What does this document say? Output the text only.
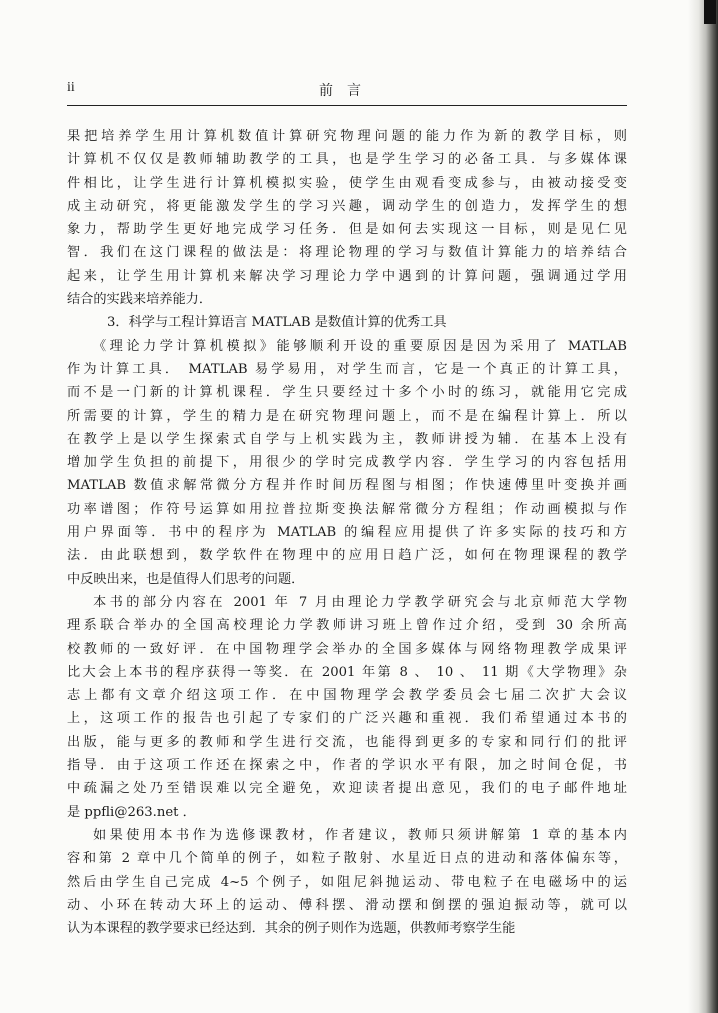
ii	前言
果把培养学生用计算机数值计算研究物理问题的能力作为新的教学目标，则
计算机不仅仅是教师辅助教学的工具，也是学生学习的必备工具．与多媒体课
件相比，让学生进行计算机模拟实验，使学生由观看变成参与，由被动接受变
成主动研究，将更能激发学生的学习兴趣，调动学生的创造力，发挥学生的想
象力，帮助学生更好地完成学习任务．但是如何去实现这一目标，则是见仁见
智．我们在这门课程的做法是：将理论物理的学习与数值计算能力的培养结合
起来，让学生用计算机来解决学习理论力学中遇到的计算问题，强调通过学用
结合的实践来培养能力．
3．科学与工程计算语言 MATLAB 是数值计算的优秀工具
《理论力学计算机模拟》能够顺利开设的重要原因是因为采用了 MATLAB
作为计算工具． MATLAB 易学易用，对学生而言，它是一个真正的计算工具，
而不是一门新的计算机课程．学生只要经过十多个小时的练习，就能用它完成
所需要的计算，学生的精力是在研究物理问题上，而不是在编程计算上．所以
在教学上是以学生探索式自学与上机实践为主，教师讲授为辅．在基本上没有
增加学生负担的前提下，用很少的学时完成教学内容．学生学习的内容包括用
MATLAB 数值求解常微分方程并作时间历程图与相图；作快速傅里叶变换并画
功率谱图；作符号运算如用拉普拉斯变换法解常微分方程组；作动画模拟与作
用户界面等．书中的程序为 MATLAB 的编程应用提供了许多实际的技巧和方
法．由此联想到，数学软件在物理中的应用日趋广泛，如何在物理课程的教学
中反映出来，也是值得人们思考的问题．
本书的部分内容在 2001 年 7 月由理论力学教学研究会与北京师范大学物
理系联合举办的全国高校理论力学教师讲习班上曾作过介绍，受到 30 余所高
校教师的一致好评．在中国物理学会举办的全国多媒体与网络物理教学成果评
比大会上本书的程序获得一等奖．在 2001 年第 8 、 10 、 11 期《大学物理》杂
志上都有文章介绍这项工作．在中国物理学会教学委员会七届二次扩大会议
上，这项工作的报告也引起了专家们的广泛兴趣和重视．我们希望通过本书的
出版，能与更多的教师和学生进行交流，也能得到更多的专家和同行们的批评
指导．由于这项工作还在探索之中，作者的学识水平有限，加之时间仓促，书
中疏漏之处乃至错误难以完全避免，欢迎读者提出意见，我们的电子邮件地址
是 ppfli@263.net ．
如果使用本书作为选修课教材，作者建议，教师只须讲解第 1 章的基本内
容和第 2 章中几个简单的例子，如粒子散射、水星近日点的进动和落体偏东等，
然后由学生自己完成 4~5 个例子，如阻尼斜抛运动、带电粒子在电磁场中的运
动、小环在转动大环上的运动、傅科摆、滑动摆和倒摆的强迫振动等，就可以
认为本课程的教学要求已经达到．其余的例子则作为选题，供教师考察学生能
